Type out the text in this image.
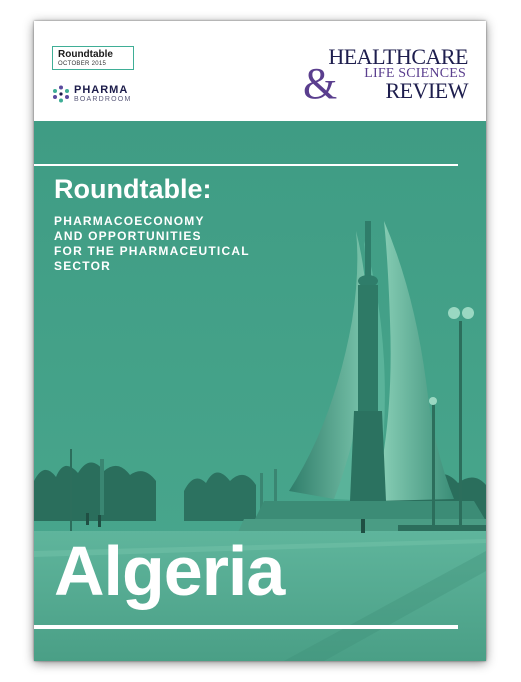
Roundtable
OCTOBER 2015
PHARMA
BOARDROOM
HEALTHCARE
& LIFE SCIENCES
REVIEW
Roundtable:
PHARMACOECONOMY
AND OPPORTUNITIES
FOR THE PHARMACEUTICAL
SECTOR
Algeria
